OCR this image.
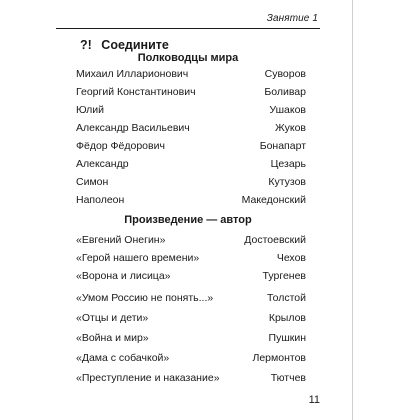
Занятие 1
?! Соедините
Полководцы мира
Михаил Илларионович	Суворов
Георгий Константинович	Боливар
Юлий	Ушаков
Александр Васильевич	Жуков
Фёдор Фёдорович	Бонапарт
Александр	Цезарь
Симон	Кутузов
Наполеон	Македонский
Произведение — автор
«Евгений Онегин»	Достоевский
«Герой нашего времени»	Чехов
«Ворона и лисица»	Тургенев
«Умом Россию не понять...»	Толстой
«Отцы и дети»	Крылов
«Война и мир»	Пушкин
«Дама с собачкой»	Лермонтов
«Преступление и наказание»	Тютчев
11
